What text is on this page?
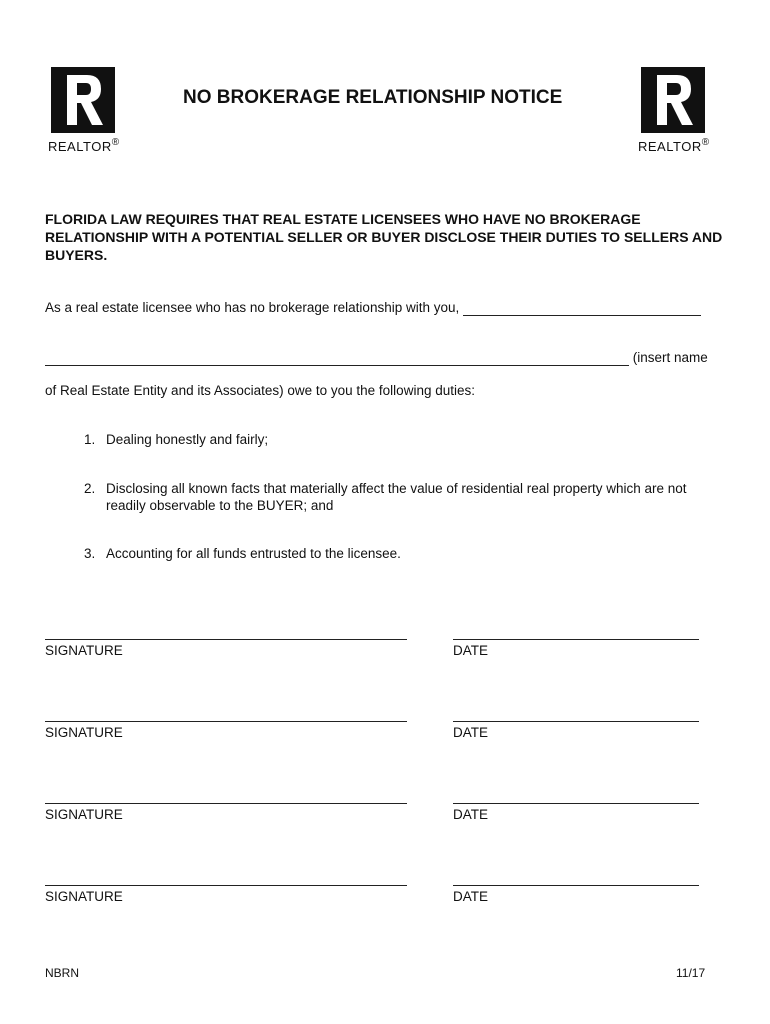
REALTOR®
NO BROKERAGE RELATIONSHIP NOTICE
REALTOR®
FLORIDA LAW REQUIRES THAT REAL ESTATE LICENSEES WHO HAVE NO BROKERAGE RELATIONSHIP WITH A POTENTIAL SELLER OR BUYER DISCLOSE THEIR DUTIES TO SELLERS AND BUYERS.
As a real estate licensee who has no brokerage relationship with you,
(insert name
of Real Estate Entity and its Associates) owe to you the following duties:
1. Dealing honestly and fairly;
2. Disclosing all known facts that materially affect the value of residential real property which are not readily observable to the BUYER; and
3. Accounting for all funds entrusted to the licensee.
SIGNATURE	DATE
SIGNATURE	DATE
SIGNATURE	DATE
SIGNATURE	DATE
NBRN	11/17
